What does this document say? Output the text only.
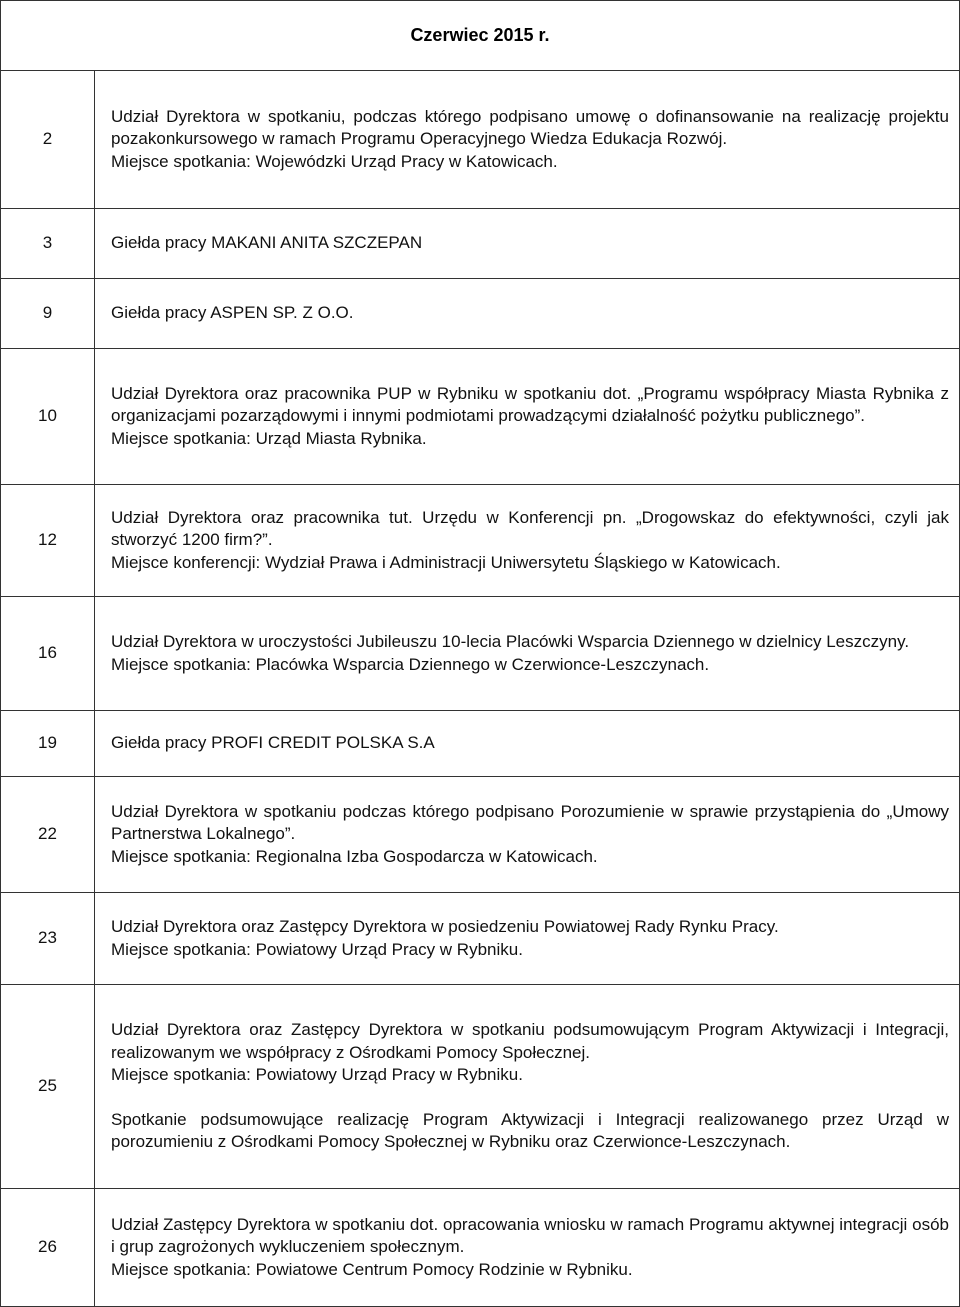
Czerwiec 2015 r.	
2	Udział Dyrektora w spotkaniu, podczas którego podpisano umowę o dofinansowanie na realizację projektu pozakonkursowego w ramach Programu Operacyjnego Wiedza Edukacja Rozwój.
Miejsce spotkania: Wojewódzki Urząd Pracy w Katowicach.

3	Giełda pracy MAKANI ANITA SZCZEPAN

9	Giełda pracy ASPEN SP. Z O.O.

10	Udział Dyrektora oraz pracownika PUP w Rybniku w spotkaniu dot. „Programu współpracy Miasta Rybnika z organizacjami pozarządowymi i innymi podmiotami prowadzącymi działalność pożytku publicznego”.
Miejsce spotkania: Urząd Miasta Rybnika.

12	Udział Dyrektora oraz pracownika tut. Urzędu w Konferencji pn. „Drogowskaz do efektywności, czyli jak stworzyć 1200 firm?”.
Miejsce konferencji: Wydział Prawa i Administracji Uniwersytetu Śląskiego w Katowicach.

16	Udział Dyrektora w uroczystości Jubileuszu 10-lecia Placówki Wsparcia Dziennego w dzielnicy Leszczyny.
Miejsce spotkania: Placówka Wsparcia Dziennego w Czerwionce-Leszczynach.

19	Giełda pracy PROFI CREDIT POLSKA S.A

22	Udział Dyrektora w spotkaniu podczas którego podpisano Porozumienie w sprawie przystąpienia do „Umowy Partnerstwa Lokalnego”.
Miejsce spotkania: Regionalna Izba Gospodarcza w Katowicach.

23	Udział Dyrektora oraz Zastępcy Dyrektora w posiedzeniu Powiatowej Rady Rynku Pracy.
Miejsce spotkania: Powiatowy Urząd Pracy w Rybniku.

25	Udział Dyrektora oraz Zastępcy Dyrektora w spotkaniu podsumowującym Program Aktywizacji i Integracji, realizowanym we współpracy z Ośrodkami Pomocy Społecznej.
Miejsce spotkania: Powiatowy Urząd Pracy w Rybniku.
Spotkanie podsumowujące realizację Program Aktywizacji i Integracji realizowanego przez Urząd w porozumieniu z Ośrodkami Pomocy Społecznej w Rybniku oraz Czerwionce-Leszczynach.

26	Udział Zastępcy Dyrektora w spotkaniu dot. opracowania wniosku w ramach Programu aktywnej integracji osób i grup zagrożonych wykluczeniem społecznym.
Miejsce spotkania: Powiatowe Centrum Pomocy Rodzinie w Rybniku.
